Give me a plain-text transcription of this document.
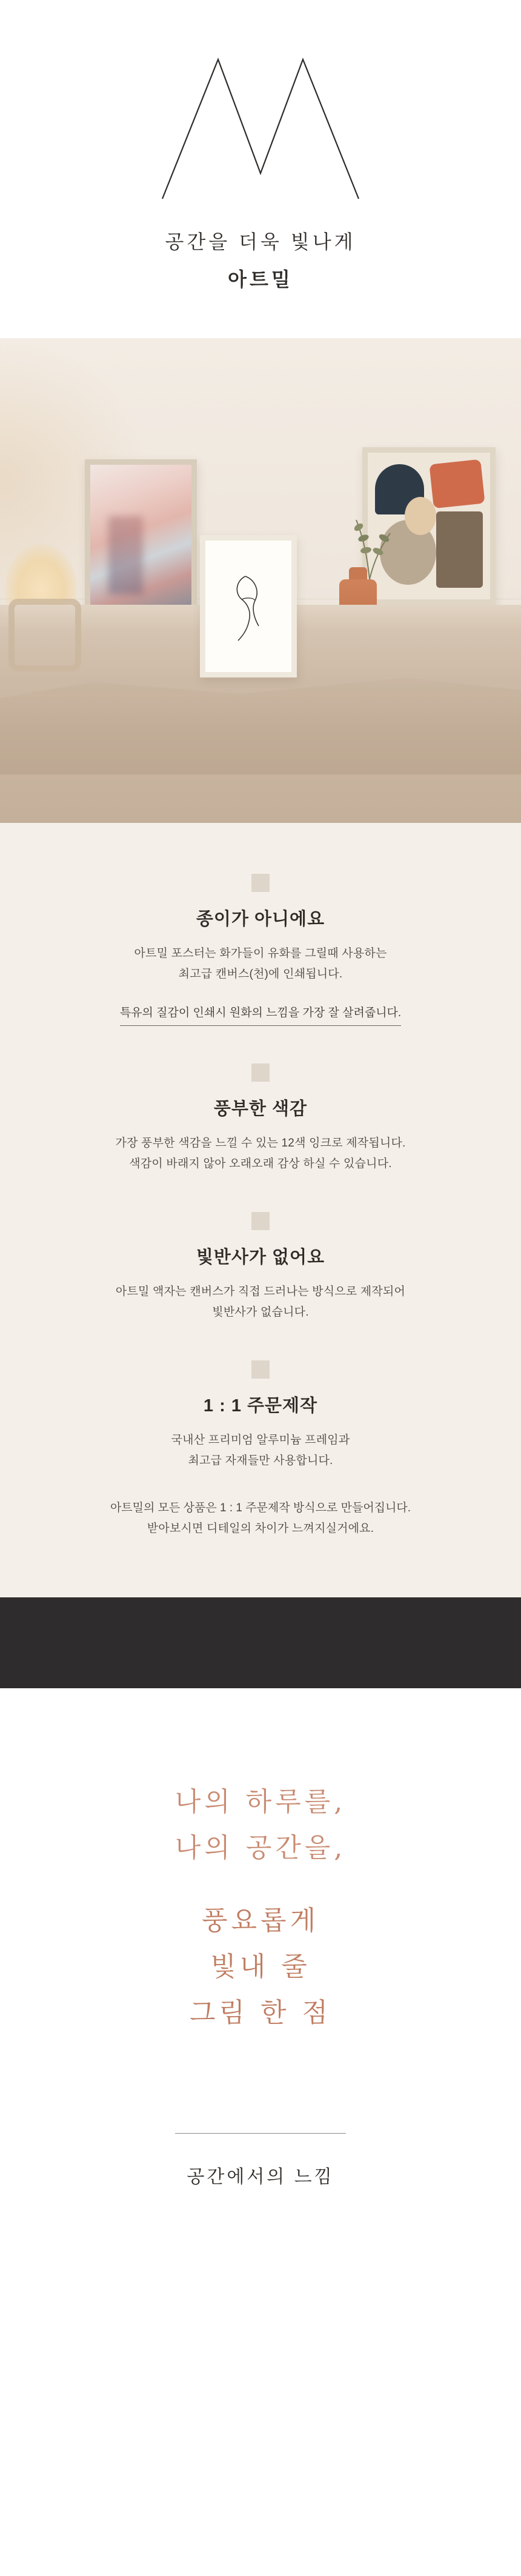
공간을 더욱 빛나게
아트밀
종이가 아니에요
아트밀 포스터는 화가들이 유화를 그릴때 사용하는
최고급 캔버스(천)에 인쇄됩니다.
특유의 질감이 인쇄시 원화의 느낌을 가장 잘 살려줍니다.
풍부한 색감
가장 풍부한 색감을 느낄 수 있는 12색 잉크로 제작됩니다.
색감이 바래지 않아 오래오래 감상 하실 수 있습니다.
빛반사가 없어요
아트밀 액자는 캔버스가 직접 드러나는 방식으로 제작되어
빛반사가 없습니다.
1 : 1 주문제작
국내산 프리미엄 알루미늄 프레임과
최고급 자재들만 사용합니다.
아트밀의 모든 상품은 1 : 1 주문제작 방식으로 만들어집니다.
받아보시면 디테일의 차이가 느껴지실거에요.
나의 하루를,
나의 공간을,
풍요롭게
빛내 줄
그림 한 점
공간에서의 느낌
